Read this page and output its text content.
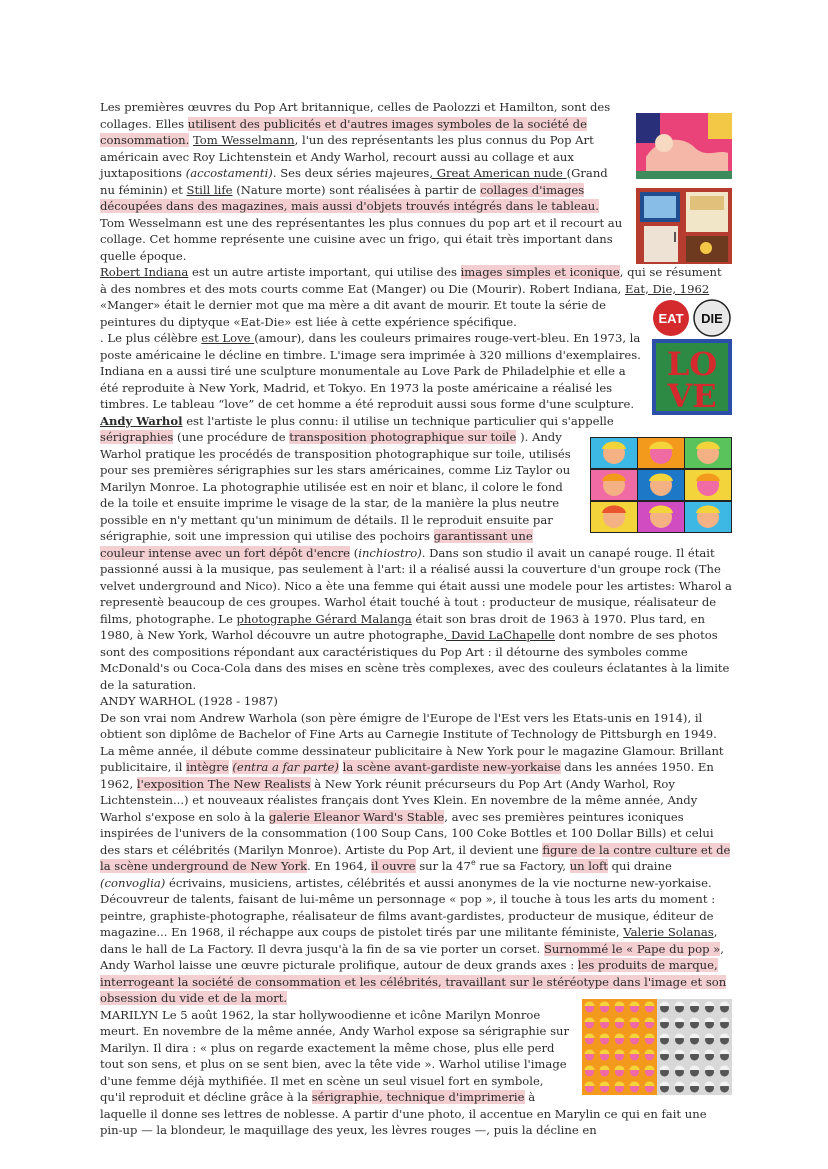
Les premières œuvres du Pop Art britannique, celles de Paolozzi et Hamilton, sont des collages. Elles utilisent des publicités et d'autres images symboles de la société de consommation. Tom Wesselmann, l'un des représentants les plus connus du Pop Art américain avec Roy Lichtenstein et Andy Warhol, recourt aussi au collage et aux juxtapositions (accostamenti). Ses deux séries majeures, Great American nude (Grand nu féminin) et Still life (Nature morte) sont réalisées à partir de
collages d'images découpées dans des magazines, mais aussi d'objets trouvés intégrés dans le tableau. Tom Wesselmann est une des représentantes les plus connues du pop art et il recourt au collage. Cet homme représente une cuisine avec un frigo, qui était très important dans quelle époque.

Robert Indiana est un autre artiste important, qui utilise des images simples et iconique, qui se résument à des nombres et des mots courts comme Eat (Manger) ou Die (Mourir). Robert Indiana, Eat, Die, 1962

EAT DIE
LO
VE

«Manger» était le dernier mot que ma mère a dit avant de mourir. Et toute la série de peintures du diptyque «Eat-Die» est liée à cette expérience spécifique.

. Le plus célèbre est Love (amour), dans les couleurs primaires rouge-vert-bleu. En 1973, la poste américaine le décline en timbre. L'image sera imprimée à 320 millions d'exemplaires. Indiana en a aussi tiré une sculpture monumentale au Love Park de Philadelphie et elle a été reproduite à New York, Madrid, et Tokyo. En 1973 la poste américaine a réalisé les timbres. Le tableau “love” de cet homme a été reproduit aussi sous forme d'une sculpture.

Andy Warhol est l'artiste le plus connu: il utilise un technique particulier qui s'appelle sérigraphies (une procédure de transposition photographique sur toile ). Andy Warhol pratique les procédés de transposition photographique sur toile, utilisés pour ses premières sérigraphies sur les stars américaines, comme Liz Taylor ou Marilyn Monroe. La photographie utilisée est en noir et blanc, il colore le fond de la toile et ensuite imprime le visage de la star, de la manière la plus neutre possible en n'y mettant qu'un minimum de détails. Il le reproduit ensuite par sérigraphie, soit une impression qui utilise des pochoirs garantissant une couleur intense avec un fort dépôt d'encre (inchiostro). Dans son studio il avait un canapé rouge. Il était passionné aussi à la musique, pas seulement à l'art: il a réalisé aussi la couverture d'un groupe rock (The velvet underground and Nico). Nico a ète una femme qui était aussi une modele pour les artistes: Wharol a representè beaucoup de ces groupes. Warhol était touché à tout : producteur de musique, réalisateur de films, photographe. Le photographe Gérard Malanga était son bras droit de 1963 à 1970. Plus tard, en 1980, à New York, Warhol découvre un autre photographe, David LaChapelle dont nombre de ses photos sont des compositions répondant aux caractéristiques du Pop Art : il détourne des symboles comme McDonald's ou Coca-Cola dans des mises en scène très complexes, avec des couleurs éclatantes à la limite de la saturation.

ANDY WARHOL (1928 - 1987)

De son vrai nom Andrew Warhola (son père émigre de l'Europe de l'Est vers les Etats-unis en 1914), il obtient son diplôme de Bachelor of Fine Arts au Carnegie Institute of Technology de Pittsburgh en 1949. La même année, il débute comme dessinateur publicitaire à New York pour le magazine Glamour. Brillant publicitaire, il intègre (entra a far parte) la scène avant-gardiste new-yorkaise dans les années 1950. En 1962, l'exposition The New Realists à New York réunit précurseurs du Pop Art (Andy Warhol, Roy Lichtenstein...) et nouveaux réalistes français dont Yves Klein. En novembre de la même année, Andy Warhol s'expose en solo à la galerie Eleanor Ward's Stable, avec ses premières peintures iconiques inspirées de l'univers de la consommation (100 Soup Cans, 100 Coke Bottles et 100 Dollar Bills) et celui des stars et célébrités (Marilyn Monroe). Artiste du Pop Art, il devient une figure de la contre culture et de la scène underground de New York. En 1964, il ouvre sur la 47e rue sa Factory, un loft qui draine (convoglia) écrivains, musiciens, artistes, célébrités et aussi anonymes de la vie nocturne new-yorkaise. Découvreur de talents, faisant de lui-même un personnage « pop », il touche à tous les arts du moment : peintre, graphiste-photographe, réalisateur de films avant-gardistes, producteur de musique, éditeur de magazine... En 1968, il réchappe aux coups de pistolet tirés par une militante féministe, Valerie Solanas, dans le hall de La Factory. Il devra jusqu'à la fin de sa vie porter un corset. Surnommé le « Pape du pop », Andy Warhol laisse une œuvre picturale prolifique, autour de deux grands axes : les produits de marque, interrogeant la société de consommation et les célébrités, travaillant sur le stéréotype dans l'image et son obsession du vide et de la mort.

MARILYN Le 5 août 1962, la star hollywoodienne et icône Marilyn Monroe meurt. En novembre de la même année, Andy Warhol expose sa sérigraphie sur Marilyn. Il dira : « plus on regarde exactement la même chose, plus elle perd tout son sens, et plus on se sent bien, avec la tête vide ». Warhol utilise l'image d'une femme déjà mythifiée. Il met en scène un seul visuel fort en symbole, qu'il reproduit et décline grâce à la sérigraphie, technique d'imprimerie à laquelle il donne ses lettres de noblesse. A partir d'une photo, il accentue en Marylin ce qui en fait une pin-up — la blondeur, le maquillage des yeux, les lèvres rouges —, puis la décline en
